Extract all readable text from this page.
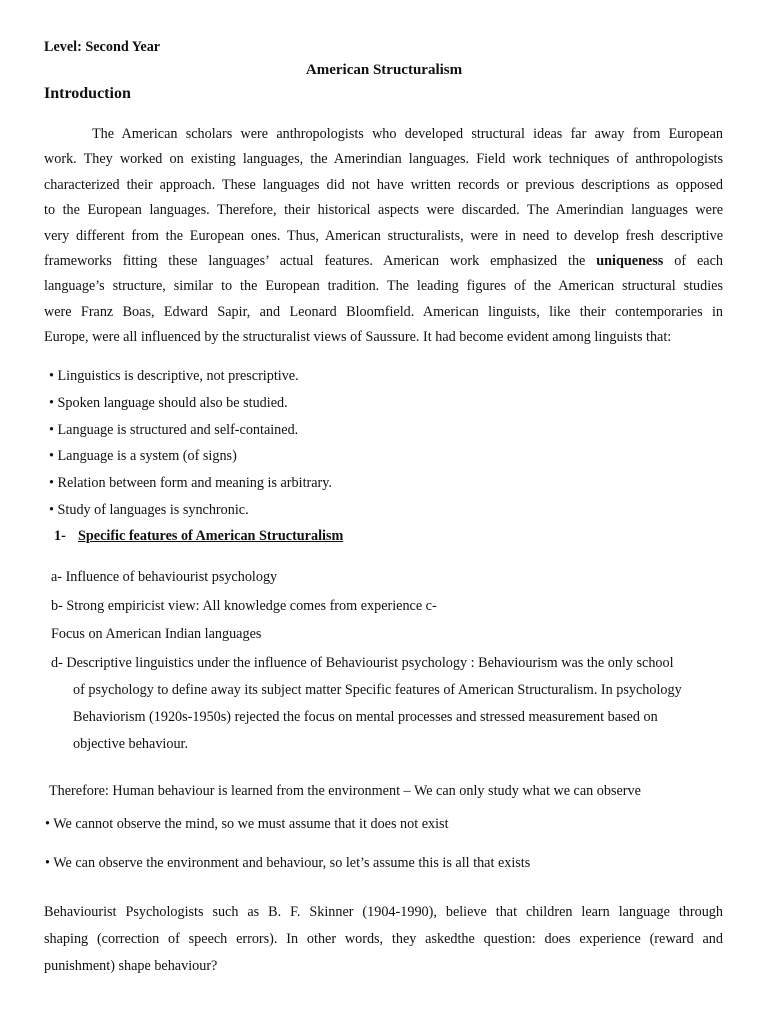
Level: Second Year
American Structuralism
Introduction
The American scholars were anthropologists who developed structural ideas far away from European
work. They worked on existing languages, the Amerindian languages. Field work techniques of anthropologists
characterized their approach. These languages did not have written records or previous descriptions as opposed
to the European languages. Therefore, their historical aspects were discarded. The Amerindian languages were
very different from the European ones. Thus, American structuralists, were in need to develop fresh descriptive
frameworks fitting these languages’ actual features. American work emphasized the uniqueness of each
language’s structure, similar to the European tradition. The leading figures of the American structural studies
were Franz Boas, Edward Sapir, and Leonard Bloomfield. American linguists, like their contemporaries in
Europe, were all influenced by the structuralist views of Saussure. It had become evident among linguists that:
• Linguistics is descriptive, not prescriptive.
• Spoken language should also be studied.
• Language is structured and self-contained.
• Language is a system (of signs)
• Relation between form and meaning is arbitrary.
• Study of languages is synchronic.
1- Specific features of American Structuralism
a- Influence of behaviourist psychology
b- Strong empiricist view: All knowledge comes from experience c-
Focus on American Indian languages
d- Descriptive linguistics under the influence of Behaviourist psychology : Behaviourism was the only school
of psychology to define away its subject matter Specific features of American Structuralism. In psychology
Behaviorism (1920s-1950s) rejected the focus on mental processes and stressed measurement based on
objective behaviour.
Therefore: Human behaviour is learned from the environment – We can only study what we can observe
• We cannot observe the mind, so we must assume that it does not exist
• We can observe the environment and behaviour, so let’s assume this is all that exists
Behaviourist Psychologists such as B. F. Skinner (1904-1990), believe that children learn language through
shaping (correction of speech errors). In other words, they askedthe question: does experience (reward and
punishment) shape behaviour?
